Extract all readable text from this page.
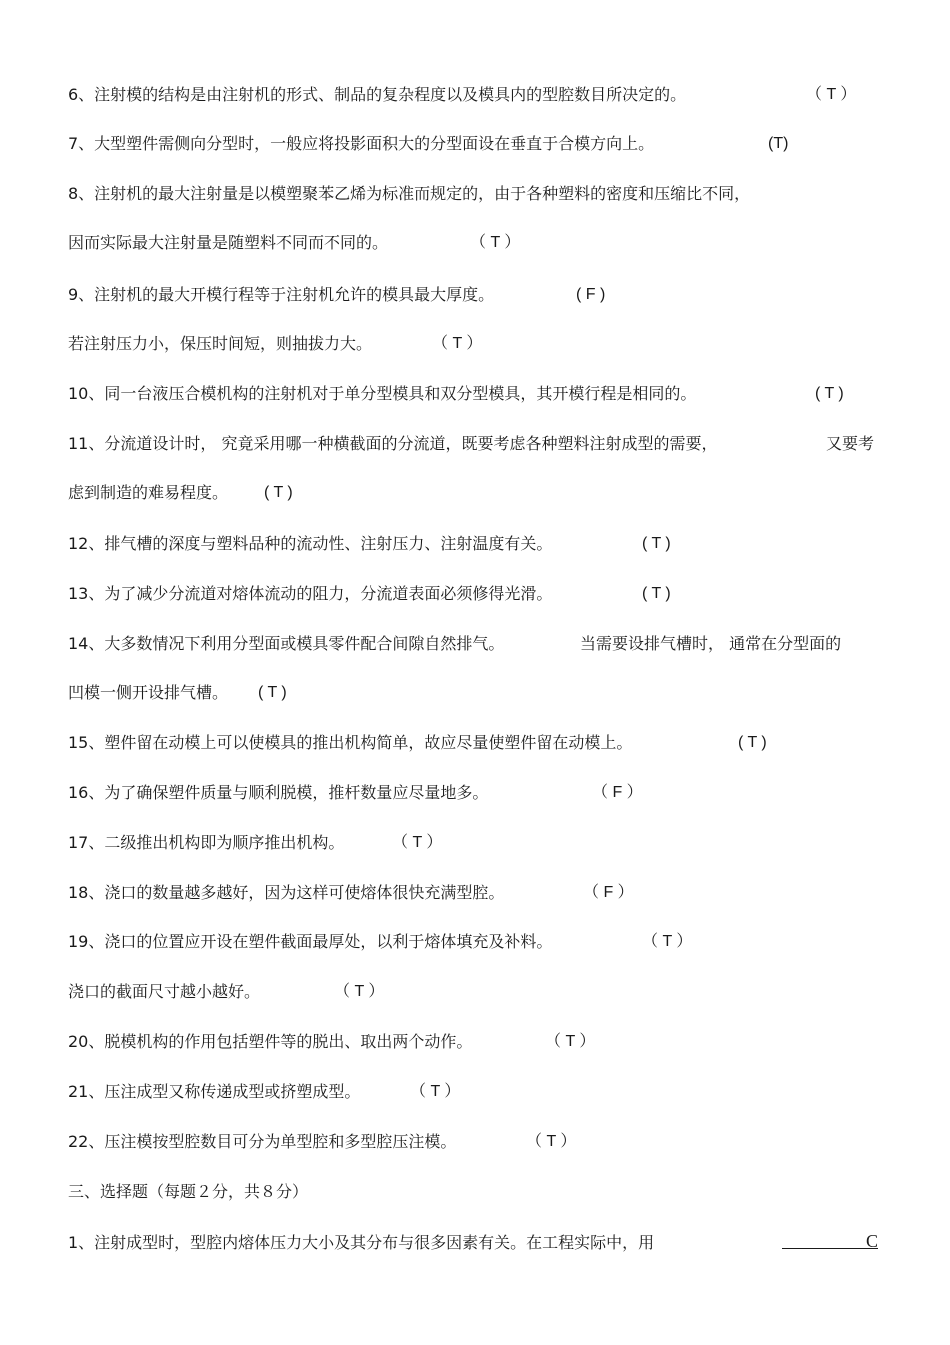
6、注射模的结构是由注射机的形式、制品的复杂程度以及模具内的型腔数目所决定的。	（ T ）
7、大型塑件需侧向分型时，一般应将投影面积大的分型面设在垂直于合模方向上。	(T)
8、注射机的最大注射量是以模塑聚苯乙烯为标准而规定的，由于各种塑料的密度和压缩比不同，
因而实际最大注射量是随塑料不同而不同的。	（ T ）
9、注射机的最大开模行程等于注射机允许的模具最大厚度。	( F )
若注射压力小，保压时间短，则抽拔力大。	（ T ）
10、同一台液压合模机构的注射机对于单分型模具和双分型模具，其开模行程是相同的。	( T )
11、分流道设计时， 究竟采用哪一种横截面的分流道，既要考虑各种塑料注射成型的需要，	又要考
虑到制造的难易程度。 ( T )
12、排气槽的深度与塑料品种的流动性、注射压力、注射温度有关。	( T )
13、为了减少分流道对熔体流动的阻力，分流道表面必须修得光滑。	( T )
14、大多数情况下利用分型面或模具零件配合间隙自然排气。	当需要设排气槽时， 通常在分型面的
凹模一侧开设排气槽。 ( T )
15、塑件留在动模上可以使模具的推出机构简单，故应尽量使塑件留在动模上。	( T )
16、为了确保塑件质量与顺利脱模，推杆数量应尽量地多。	（ F ）
17、二级推出机构即为顺序推出机构。	（ T ）
18、浇口的数量越多越好，因为这样可使熔体很快充满型腔。	（ F ）
19、浇口的位置应开设在塑件截面最厚处，以利于熔体填充及补料。	（ T ）
浇口的截面尺寸越小越好。	（ T ）
20、脱模机构的作用包括塑件等的脱出、取出两个动作。	（ T ）
21、压注成型又称传递成型或挤塑成型。	（ T ）
22、压注模按型腔数目可分为单型腔和多型腔压注模。	（ T ）
三、选择题（每题２分，共８分）
1、注射成型时，型腔内熔体压力大小及其分布与很多因素有关。在工程实际中，用	C
